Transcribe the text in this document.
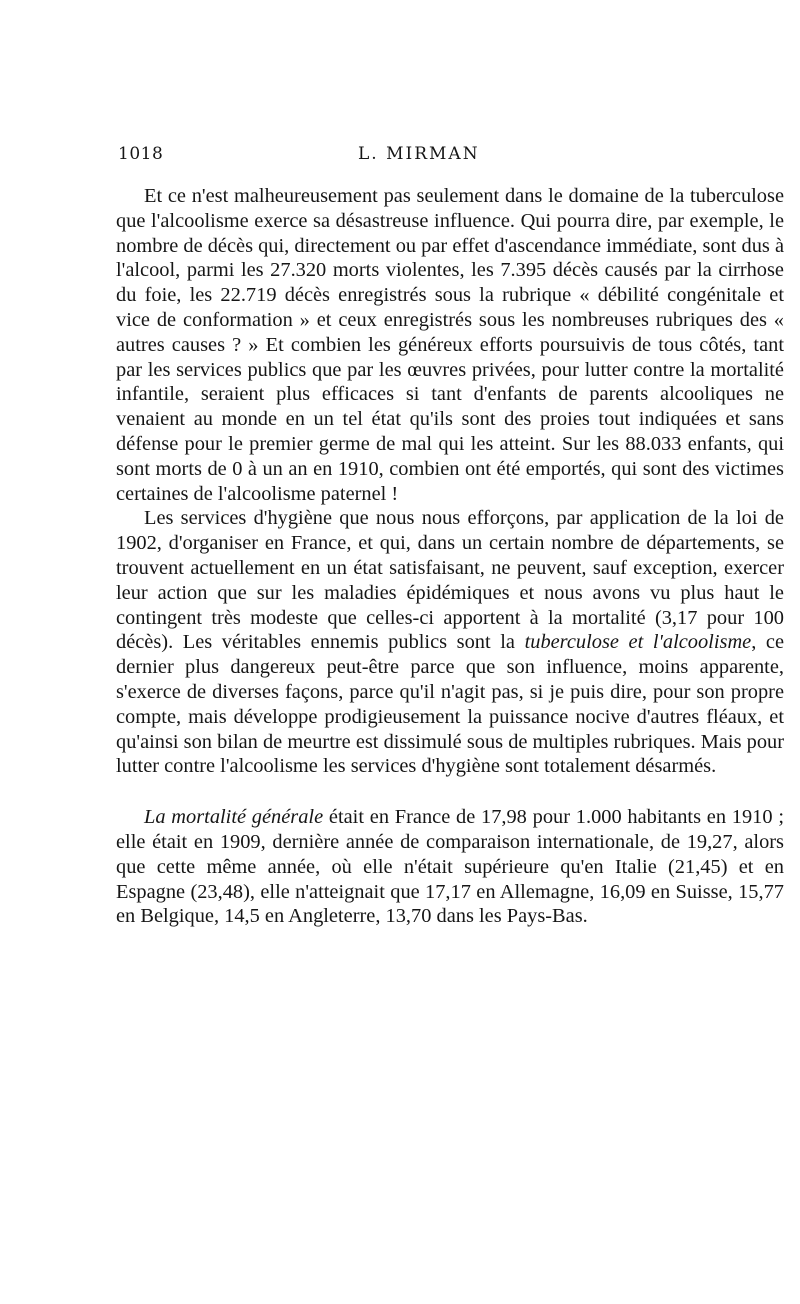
1018	L. MIRMAN

Et ce n'est malheureusement pas seulement dans le domaine de la tuberculose que l'alcoolisme exerce sa désastreuse influence. Qui pourra dire, par exemple, le nombre de décès qui, directement ou par effet d'ascendance immédiate, sont dus à l'alcool, parmi les 27.320 morts violentes, les 7.395 décès causés par la cirrhose du foie, les 22.719 décès enregistrés sous la rubrique « débilité congénitale et vice de conformation » et ceux enregistrés sous les nombreuses rubriques des « autres causes ? » Et combien les généreux efforts poursuivis de tous côtés, tant par les services publics que par les œuvres privées, pour lutter contre la mortalité infantile, seraient plus efficaces si tant d'enfants de parents alcooliques ne venaient au monde en un tel état qu'ils sont des proies tout indiquées et sans défense pour le premier germe de mal qui les atteint. Sur les 88.033 enfants, qui sont morts de 0 à un an en 1910, combien ont été emportés, qui sont des victimes certaines de l'alcoolisme paternel !

Les services d'hygiène que nous nous efforçons, par application de la loi de 1902, d'organiser en France, et qui, dans un certain nombre de départements, se trouvent actuellement en un état satisfaisant, ne peuvent, sauf exception, exercer leur action que sur les maladies épidémiques et nous avons vu plus haut le contingent très modeste que celles-ci apportent à la mortalité (3,17 pour 100 décès). Les véritables ennemis publics sont la tuberculose et l'alcoolisme, ce dernier plus dangereux peut-être parce que son influence, moins apparente, s'exerce de diverses façons, parce qu'il n'agit pas, si je puis dire, pour son propre compte, mais développe prodigieusement la puissance nocive d'autres fléaux, et qu'ainsi son bilan de meurtre est dissimulé sous de multiples rubriques. Mais pour lutter contre l'alcoolisme les services d'hygiène sont totalement désarmés.

La mortalité générale était en France de 17,98 pour 1.000 habitants en 1910 ; elle était en 1909, dernière année de comparaison internationale, de 19,27, alors que cette même année, où elle n'était supérieure qu'en Italie (21,45) et en Espagne (23,48), elle n'atteignait que 17,17 en Allemagne, 16,09 en Suisse, 15,77 en Belgique, 14,5 en Angleterre, 13,70 dans les Pays-Bas.
